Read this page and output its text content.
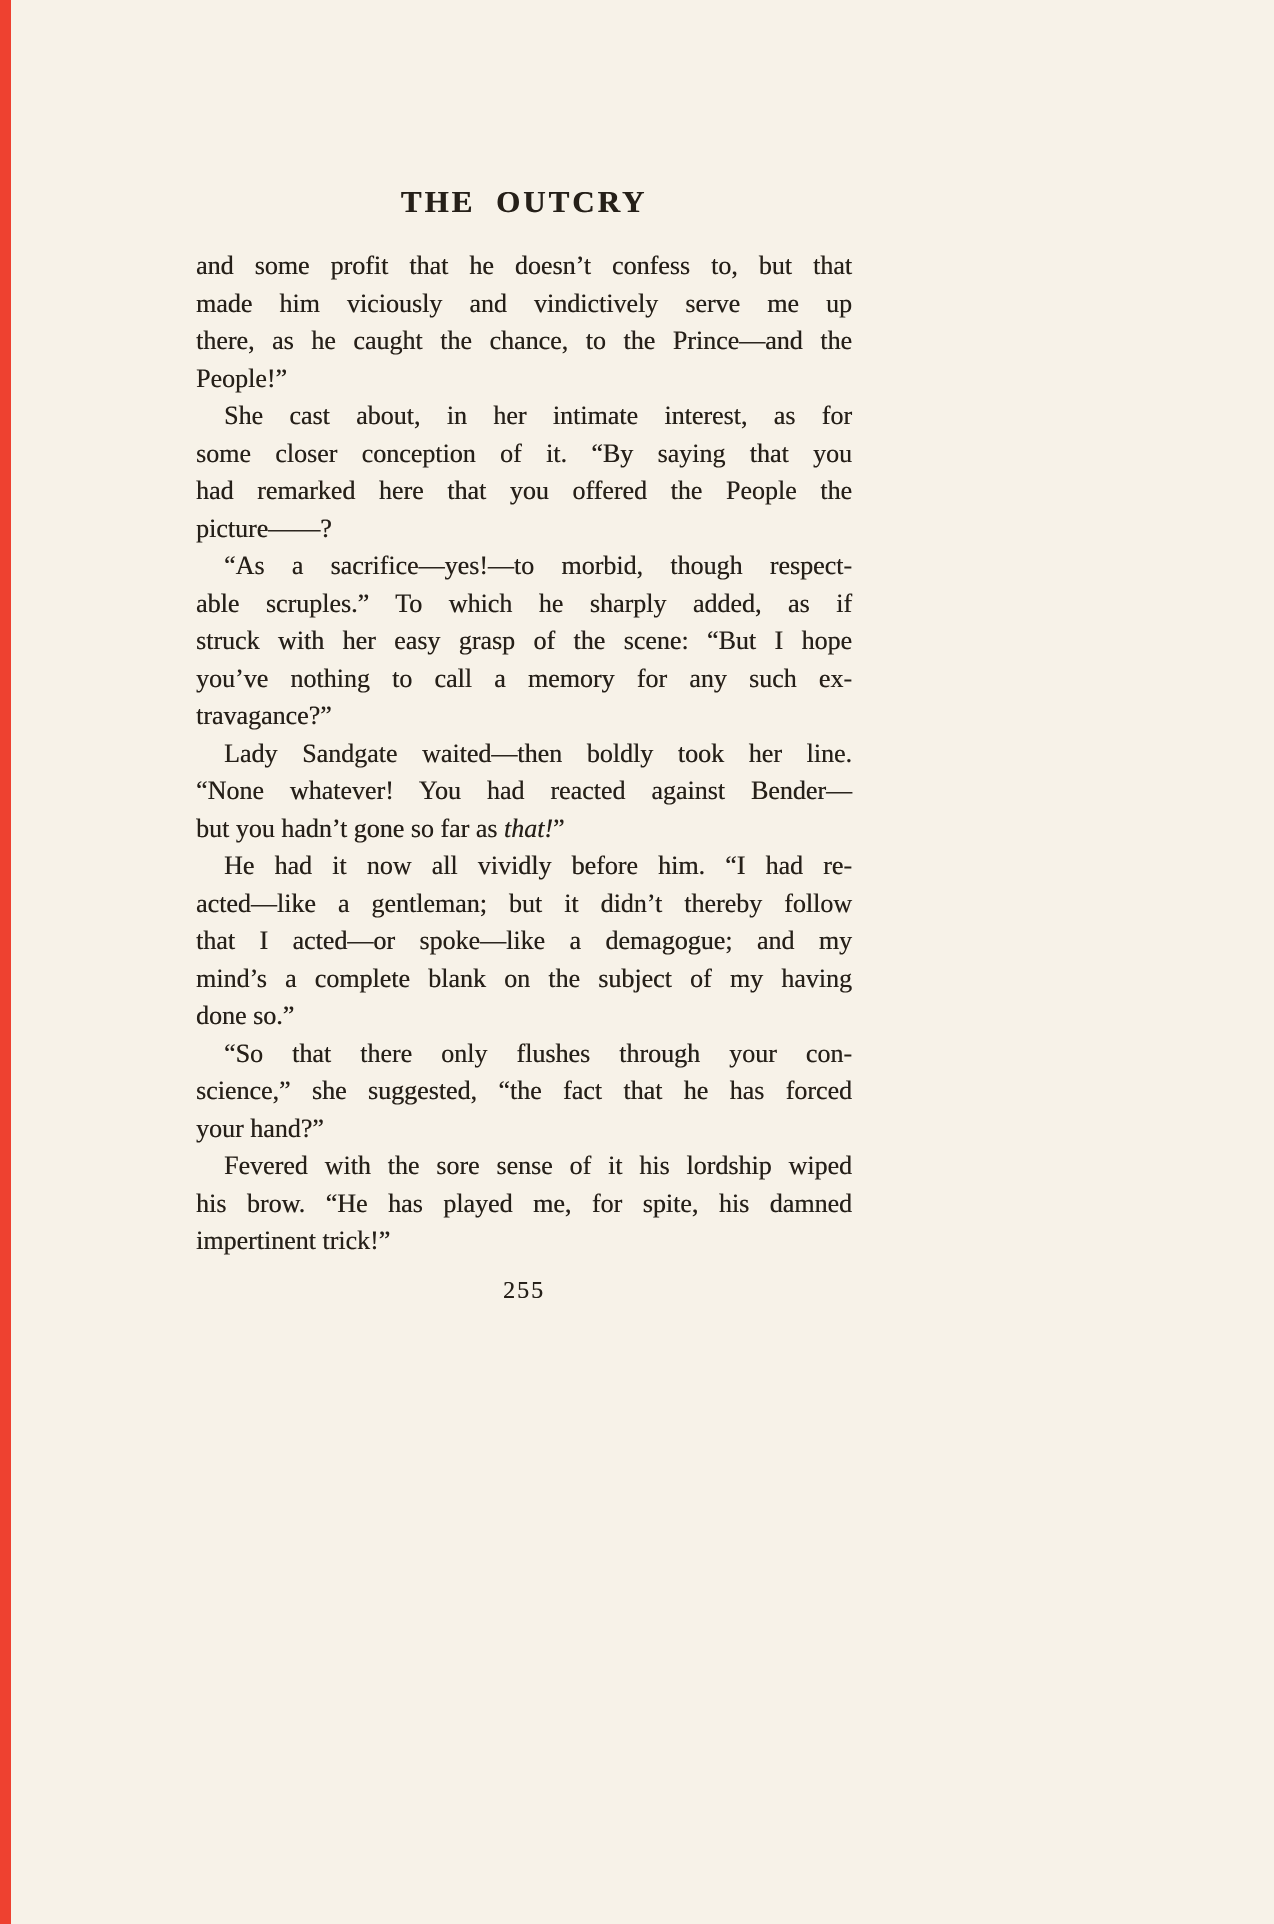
THE OUTCRY
and some profit that he doesn’t confess to, but that
made him viciously and vindictively serve me up
there, as he caught the chance, to the Prince—and the
People!”
She cast about, in her intimate interest, as for
some closer conception of it. “By saying that you
had remarked here that you offered the People the
picture——?
“As a sacrifice—yes!—to morbid, though respect-
able scruples.” To which he sharply added, as if
struck with her easy grasp of the scene: “But I hope
you’ve nothing to call a memory for any such ex-
travagance?”
Lady Sandgate waited—then boldly took her line.
“None whatever! You had reacted against Bender—
but you hadn’t gone so far as that!”
He had it now all vividly before him. “I had re-
acted—like a gentleman; but it didn’t thereby follow
that I acted—or spoke—like a demagogue; and my
mind’s a complete blank on the subject of my having
done so.”
“So that there only flushes through your con-
science,” she suggested, “the fact that he has forced
your hand?”
Fevered with the sore sense of it his lordship wiped
his brow. “He has played me, for spite, his damned
impertinent trick!”
255
